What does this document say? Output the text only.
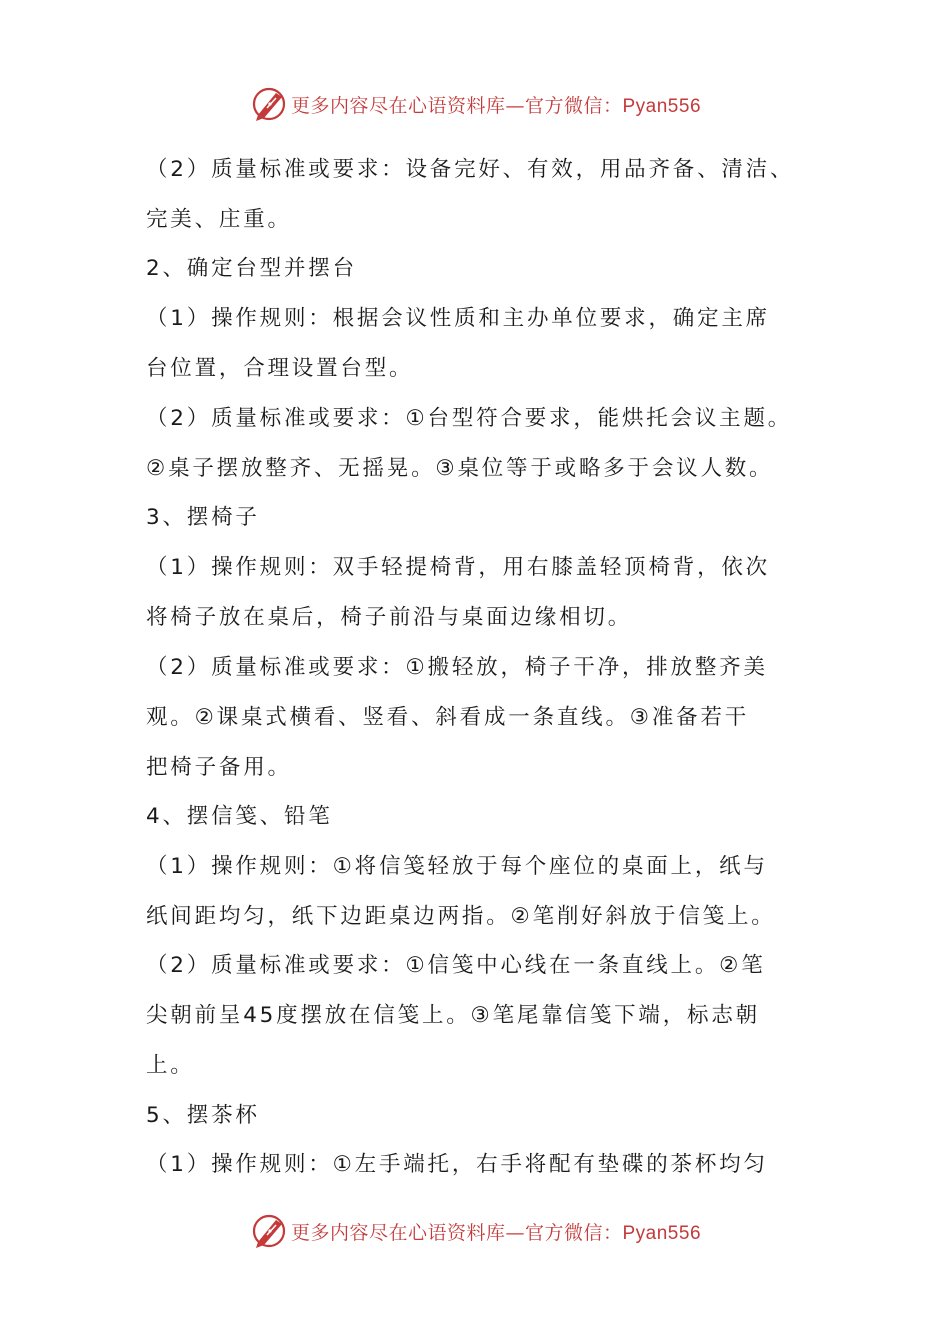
更多内容尽在心语资料库—官方微信：Pyan556
（2）质量标准或要求：设备完好、有效，用品齐备、清洁、
完美、庄重。
2、确定台型并摆台
（1）操作规则：根据会议性质和主办单位要求，确定主席
台位置，合理设置台型。
（2）质量标准或要求：①台型符合要求，能烘托会议主题。
②桌子摆放整齐、无摇晃。③桌位等于或略多于会议人数。
3、摆椅子
（1）操作规则：双手轻提椅背，用右膝盖轻顶椅背，依次
将椅子放在桌后，椅子前沿与桌面边缘相切。
（2）质量标准或要求：①搬轻放，椅子干净，排放整齐美
观。②课桌式横看、竖看、斜看成一条直线。③准备若干
把椅子备用。
4、摆信笺、铅笔
（1）操作规则：①将信笺轻放于每个座位的桌面上，纸与
纸间距均匀，纸下边距桌边两指。②笔削好斜放于信笺上。
（2）质量标准或要求：①信笺中心线在一条直线上。②笔
尖朝前呈45度摆放在信笺上。③笔尾靠信笺下端，标志朝
上。
5、摆茶杯
（1）操作规则：①左手端托，右手将配有垫碟的茶杯均匀
更多内容尽在心语资料库—官方微信：Pyan556
